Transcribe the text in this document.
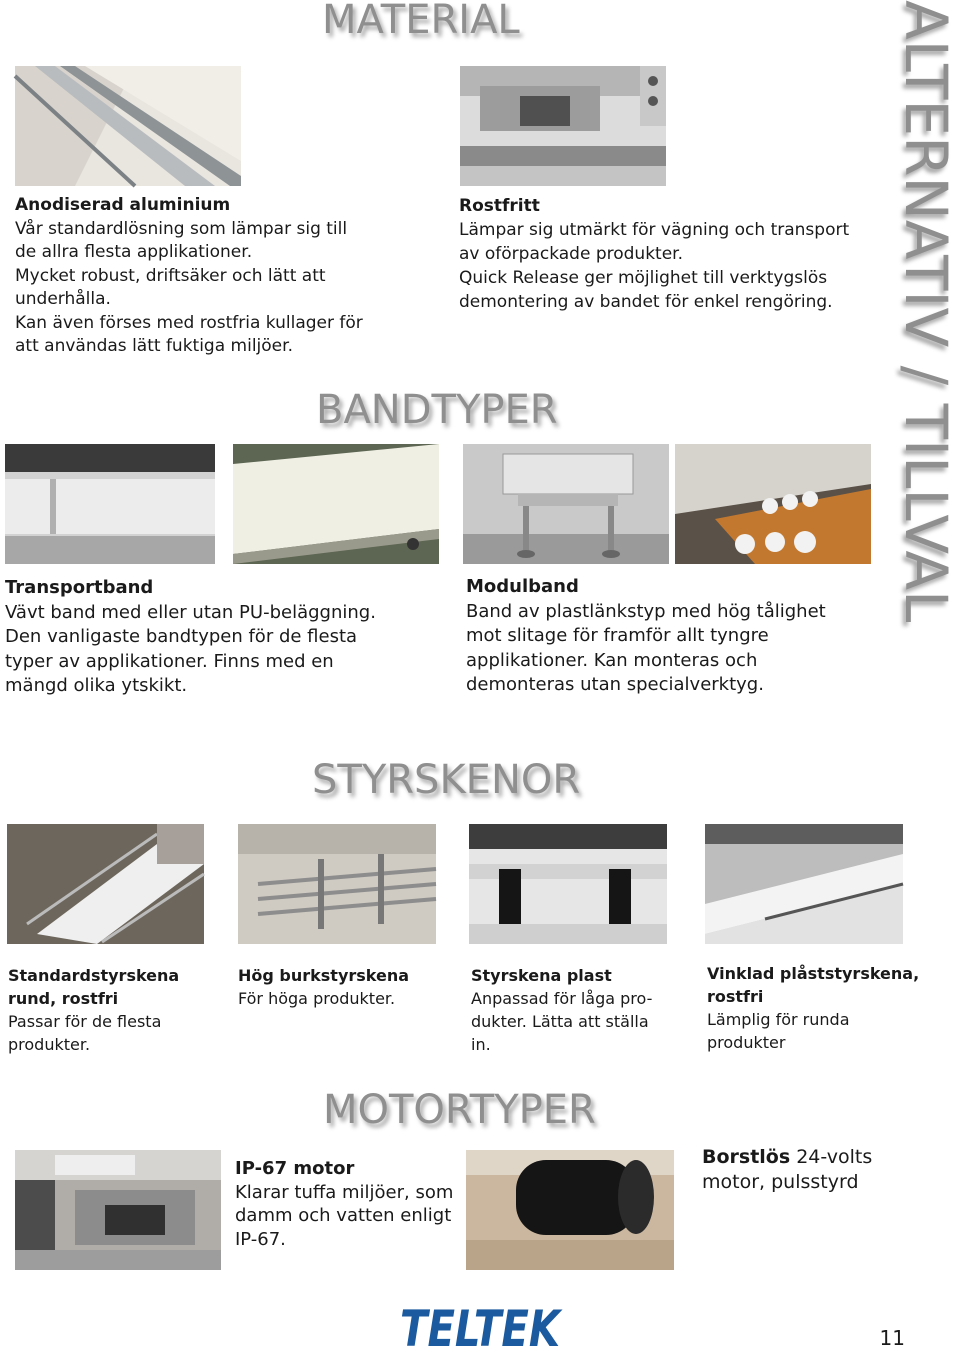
MATERIAL
BANDTYPER
STYRSKENOR
MOTORTYPER
ALTERNATIV / TILLVAL
Anodiserad aluminium
Vår standardlösning som lämpar sig till
de allra flesta applikationer.
Mycket robust, driftsäker och lätt att
underhålla.
Kan även förses med rostfria kullager för
att användas lätt fuktiga miljöer.
Rostfritt
Lämpar sig utmärkt för vägning och transport
av oförpackade produkter.
Quick Release ger möjlighet till verktygslös
demontering av bandet för enkel rengöring.
Transportband
Vävt band med eller utan PU-beläggning.
Den vanligaste bandtypen för de flesta
typer av applikationer. Finns med en
mängd olika ytskikt.
Modulband
Band av plastlänkstyp med hög tålighet
mot slitage för framför allt tyngre
applikationer. Kan monteras och
demonteras utan specialverktyg.
Standardstyrskena
rund, rostfri
Passar för de flesta
produkter.
Hög burkstyrskena
För höga produkter.
Styrskena plast
Anpassad för låga pro-
dukter. Lätta att ställa
in.
Vinklad plåststyrskena,
rostfri
Lämplig för runda
produkter
IP-67 motor
Klarar tuffa miljöer, som
damm och vatten enligt
IP-67.
Borstlös 24-volts
motor, pulsstyrd
TELTEK	11
